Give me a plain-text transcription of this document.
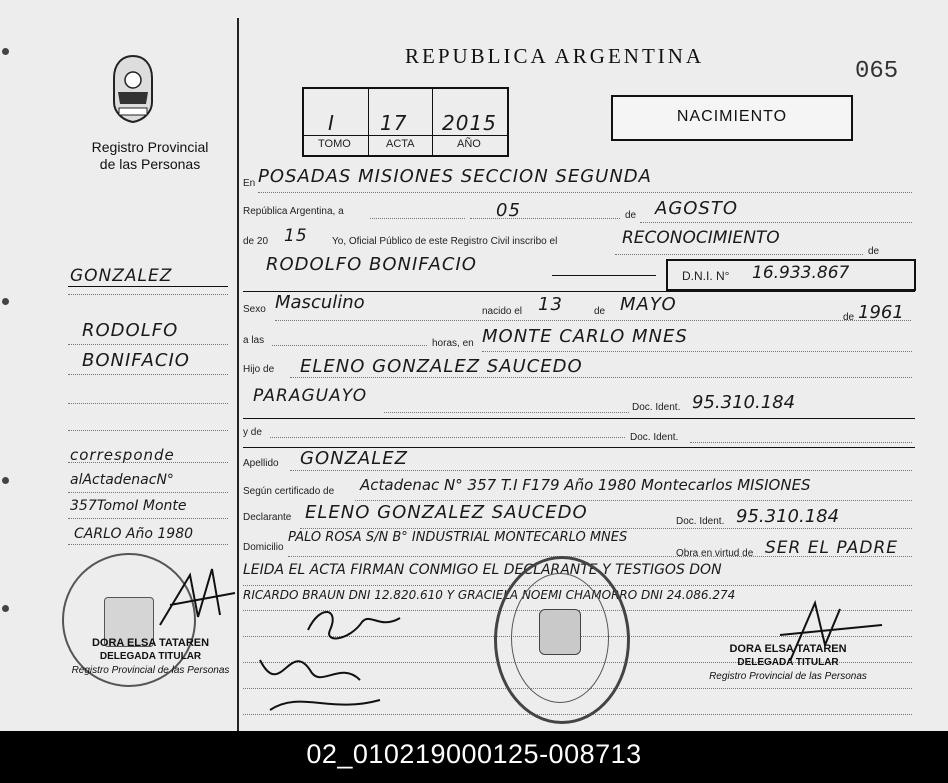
Registro Provincial
de las Personas
REPUBLICA ARGENTINA
065
I 17 2015
TOMO	ACTA	AÑO
NACIMIENTO
GONZALEZ
RODOLFO
BONIFACIO
corresponde
alActadenacN°
357TomoI Monte
CARLO Año 1980
DORA ELSA TATAREN
DELEGADA TITULAR
Registro Provincial de las Personas
En POSADAS MISIONES SECCION SEGUNDA
República Argentina, a	05	de AGOSTO
de 20 15 Yo, Oficial Público de este Registro Civil inscribo el	RECONOCIMIENTO
de
RODOLFO BONIFACIO
D.N.I. N° 16.933.867
Sexo Masculino	nacido el 13	de MAYO
de 1961
a las	horas, en MONTE CARLO MNES
Hijo de ELENO GONZALEZ SAUCEDO
PARAGUAYO
Doc. Ident. 95.310.184
y de	Doc. Ident.
Apellido GONZALEZ
Según certificado de Actadenac N° 357 T.I F179 Año 1980 Montecarlos MISIONES
Declarante ELENO GONZALEZ SAUCEDO	Doc. Ident. 95.310.184
Domicilio
PALO ROSA S/N B° INDUSTRIAL MONTECARLO MNES
Obra en virtud de SER EL PADRE
LEIDA EL ACTA FIRMAN CONMIGO EL DECLARANTE Y TESTIGOS DON
RICARDO BRAUN DNI 12.820.610 Y GRACIELA NOEMI CHAMORRO DNI 24.086.274
DORA ELSA TATAREN
DELEGADA TITULAR
Registro Provincial de las Personas
02_010219000125-008713
